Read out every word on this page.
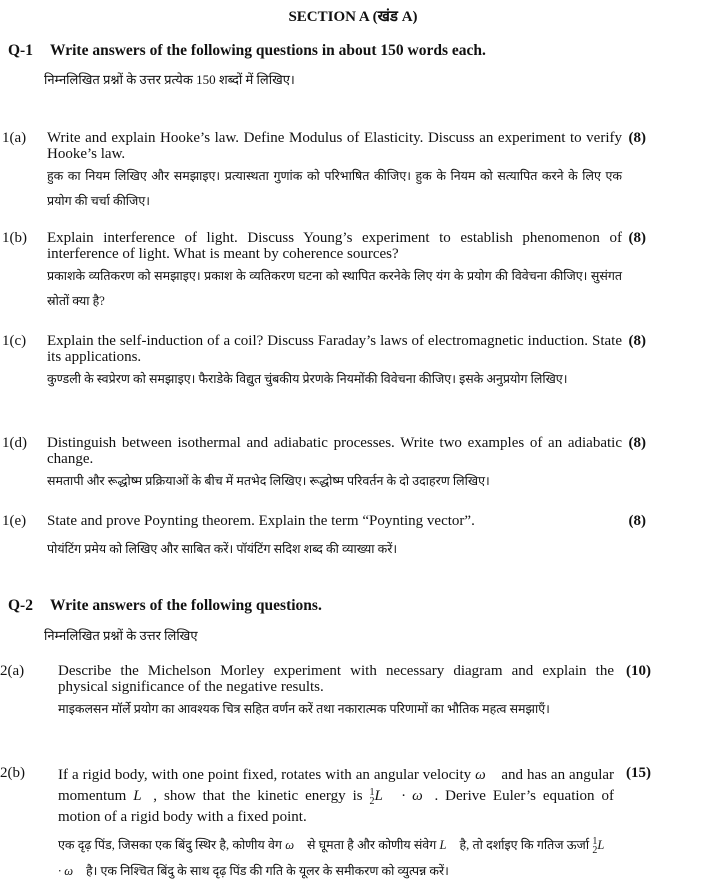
SECTION A (खंड A)
Q-1 Write answers of the following questions in about 150 words each.
निम्नलिखित प्रश्नों के उत्तर प्रत्येक 150 शब्दों में लिखिए।
1(a) Write and explain Hooke’s law. Define Modulus of Elasticity. Discuss an experiment to verify Hooke’s law.

हुक का नियम लिखिए और समझाइए। प्रत्यास्थता गुणांक को परिभाषित कीजिए। हुक के नियम को सत्यापित करने के लिए एक प्रयोग की चर्चा कीजिए।

(8)
1(b) Explain interference of light. Discuss Young’s experiment to establish phenomenon of interference of light. What is meant by coherence sources?

प्रकाशके व्यतिकरण को समझाइए। प्रकाश के व्यतिकरण घटना को स्थापित करनेके लिए यंग के प्रयोग की विवेचना कीजिए। सुसंगत स्रोतों क्या है?

(8)
1(c) Explain the self-induction of a coil? Discuss Faraday’s laws of electromagnetic induction. State its applications.

कुण्डली के स्वप्रेरण को समझाइए। फैराडेके विद्युत चुंबकीय प्रेरणके नियमोंकी विवेचना कीजिए। इसके अनुप्रयोग लिखिए।

(8)
1(d) Distinguish between isothermal and adiabatic processes. Write two examples of an adiabatic change.

समतापी और रूद्धोष्म प्रक्रियाओं के बीच में मतभेद लिखिए। रूद्धोष्म परिवर्तन के दो उदाहरण लिखिए।

(8)
1(e) State and prove Poynting theorem. Explain the term “Poynting vector”.

पोयंटिंग प्रमेय को लिखिए और साबित करें। पॉयंटिंग सदिश शब्द की व्याख्या करें।

(8)
Q-2 Write answers of the following questions.
निम्नलिखित प्रश्नों के उत्तर लिखिए
2(a) Describe the Michelson Morley experiment with necessary diagram and explain the physical significance of the negative results.

माइकलसन मॉर्ले प्रयोग का आवश्यक चित्र सहित वर्णन करें तथा नकारात्मक परिणामों का भौतिक महत्व समझाएँ।

(10)
2(b) If a rigid body, with one point fixed, rotates with an angular velocity ω⃗ and has an angular momentum L⃗, show that the kinetic energy is 1
2L⃗ · ω⃗. Derive Euler’s equation of motion of a rigid body with a fixed point.

एक दृढ़ पिंड, जिसका एक बिंदु स्थिर है, कोणीय वेग ω⃗ से घूमता है और कोणीय संवेग L⃗ है, तो दर्शाइए कि गतिज ऊर्जा 1
2L⃗ · ω⃗ है। एक निश्चित बिंदु के साथ दृढ़ पिंड की गति के यूलर के समीकरण को व्युत्पन्न करें।

(15)
